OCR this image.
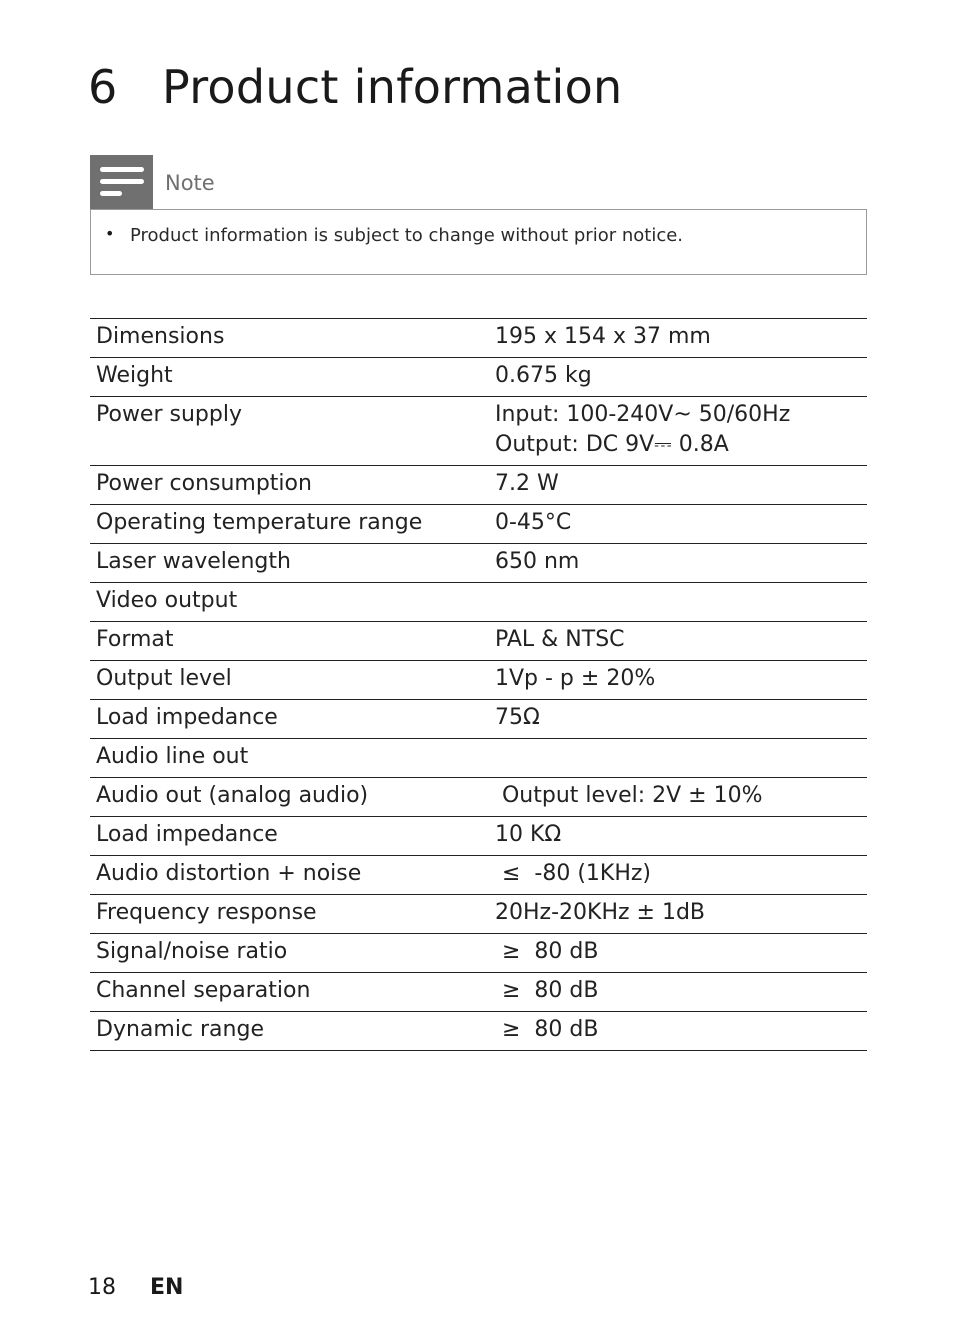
6 Product information
Note
• Product information is subject to change without prior notice.
Dimensions	195 x 154 x 37 mm

Weight	0.675 kg

Power supply	Input: 100-240V~ 50/60Hz
Output: DC 9V⎓ 0.8A

Power consumption	7.2 W

Operating temperature range	0-45°C

Laser wavelength	650 nm

Video output	

Format	PAL & NTSC

Output level	1Vp - p ± 20%

Load impedance	75Ω

Audio line out	

Audio out (analog audio)	Output level: 2V ± 10%

Load impedance	10 KΩ

Audio distortion + noise	≤  -80 (1KHz)

Frequency response	20Hz-20KHz ± 1dB

Signal/noise ratio	≥  80 dB

Channel separation	≥  80 dB

Dynamic range	≥  80 dB
18 EN
